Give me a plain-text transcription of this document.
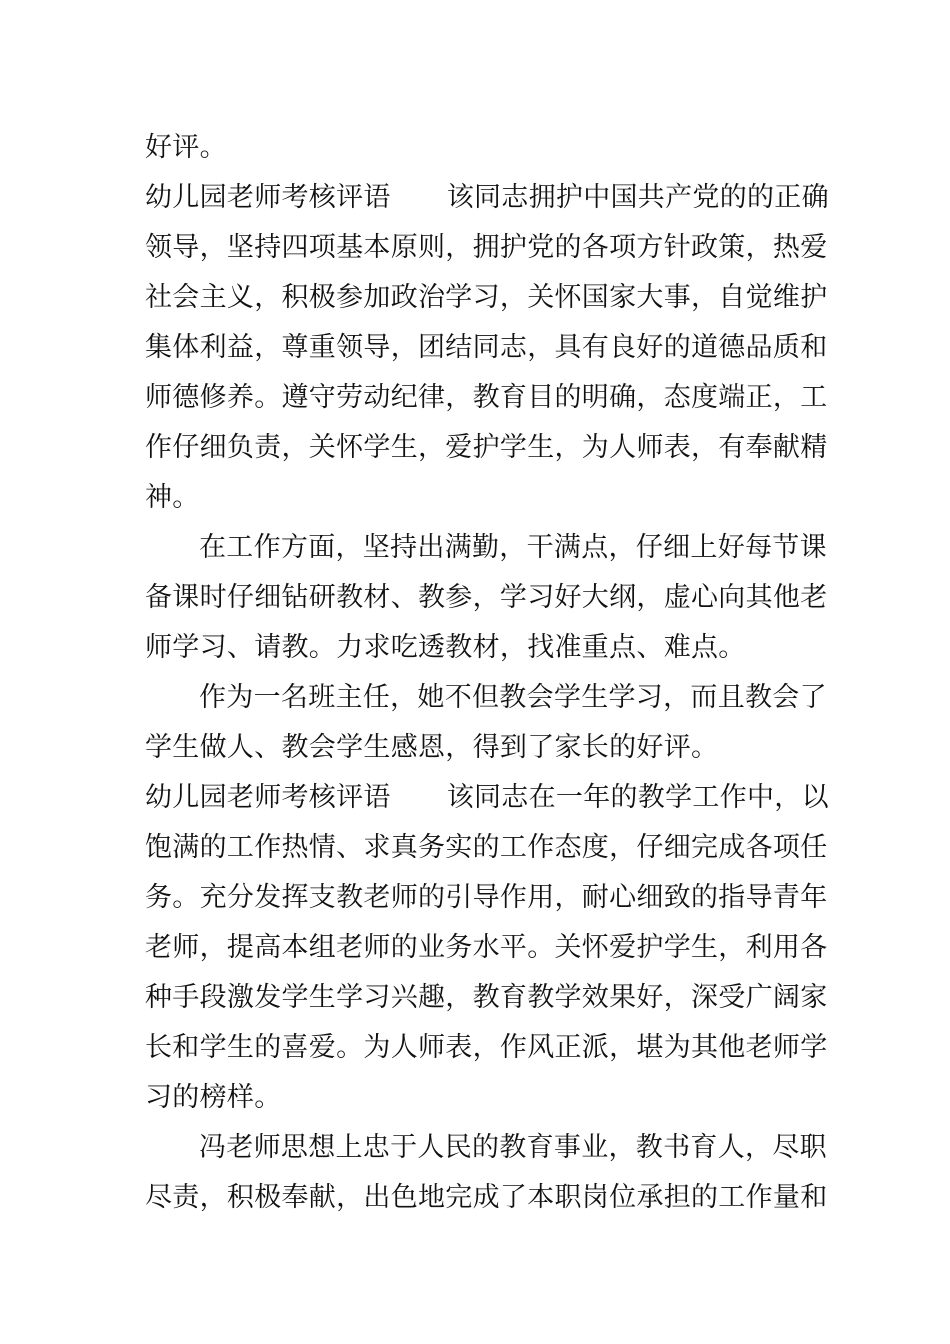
好评。
幼儿园老师考核评语 该同志拥护中国共产党的的正确
领导，坚持四项基本原则，拥护党的各项方针政策，热爱
社会主义，积极参加政治学习，关怀国家大事，自觉维护
集体利益，尊重领导，团结同志，具有良好的道德品质和
师德修养。遵守劳动纪律，教育目的明确，态度端正，工
作仔细负责，关怀学生，爱护学生，为人师表，有奉献精
神。
在工作方面，坚持出满勤，干满点，仔细上好每节课
备课时仔细钻研教材、教参，学习好大纲，虚心向其他老
师学习、请教。力求吃透教材，找准重点、难点。
作为一名班主任，她不但教会学生学习，而且教会了
学生做人、教会学生感恩，得到了家长的好评。
幼儿园老师考核评语 该同志在一年的教学工作中，以
饱满的工作热情、求真务实的工作态度，仔细完成各项任
务。充分发挥支教老师的引导作用，耐心细致的指导青年
老师，提高本组老师的业务水平。关怀爱护学生，利用各
种手段激发学生学习兴趣，教育教学效果好，深受广阔家
长和学生的喜爱。为人师表，作风正派，堪为其他老师学
习的榜样。
冯老师思想上忠于人民的教育事业，教书育人，尽职
尽责，积极奉献，出色地完成了本职岗位承担的工作量和
